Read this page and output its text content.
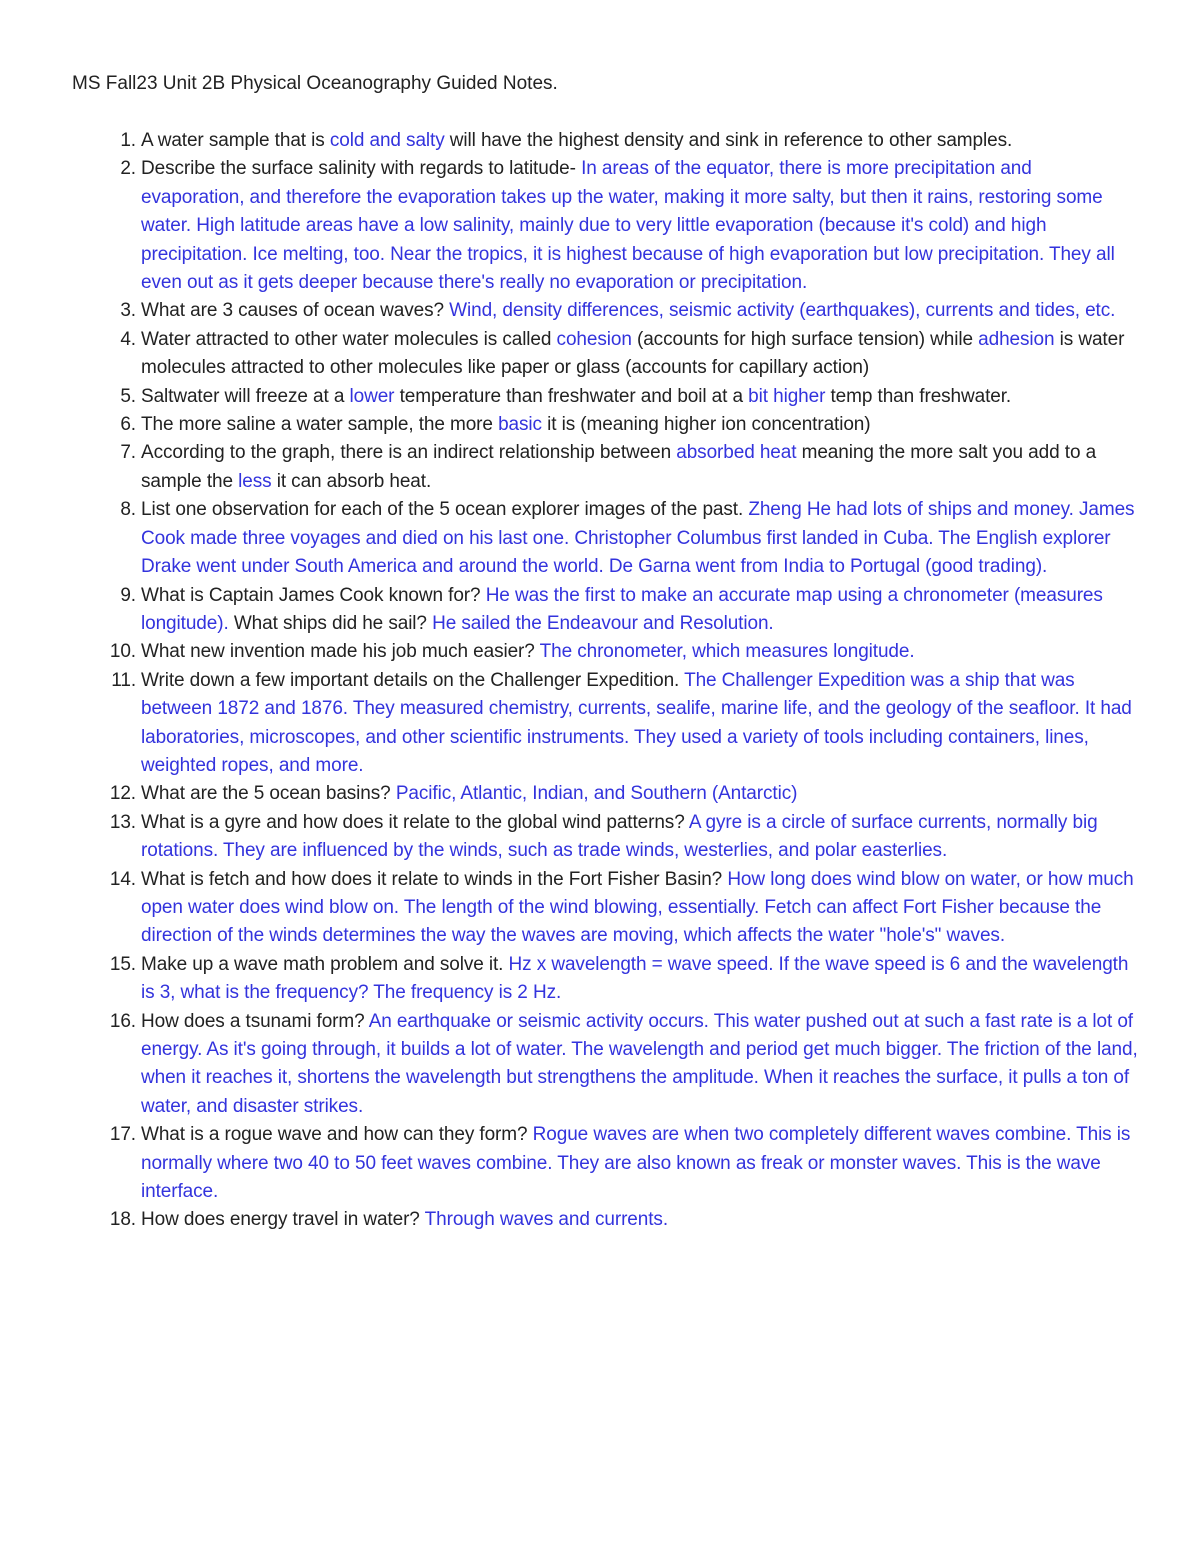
MS Fall23 Unit 2B Physical Oceanography Guided Notes.
1. A water sample that is cold and salty will have the highest density and sink in reference to other samples.
2. Describe the surface salinity with regards to latitude- In areas of the equator, there is more precipitation and evaporation, and therefore the evaporation takes up the water, making it more salty, but then it rains, restoring some water. High latitude areas have a low salinity, mainly due to very little evaporation (because it's cold) and high precipitation. Ice melting, too. Near the tropics, it is highest because of high evaporation but low precipitation. They all even out as it gets deeper because there's really no evaporation or precipitation.
3. What are 3 causes of ocean waves? Wind, density differences, seismic activity (earthquakes), currents and tides, etc.
4. Water attracted to other water molecules is called cohesion (accounts for high surface tension) while adhesion is water molecules attracted to other molecules like paper or glass (accounts for capillary action)
5. Saltwater will freeze at a lower temperature than freshwater and boil at a bit higher temp than freshwater.
6. The more saline a water sample, the more basic it is (meaning higher ion concentration)
7. According to the graph, there is an indirect relationship between absorbed heat meaning the more salt you add to a sample the less it can absorb heat.
8. List one observation for each of the 5 ocean explorer images of the past. Zheng He had lots of ships and money. James Cook made three voyages and died on his last one. Christopher Columbus first landed in Cuba. The English explorer Drake went under South America and around the world. De Garna went from India to Portugal (good trading).
9. What is Captain James Cook known for? He was the first to make an accurate map using a chronometer (measures longitude). What ships did he sail? He sailed the Endeavour and Resolution.
10. What new invention made his job much easier? The chronometer, which measures longitude.
11. Write down a few important details on the Challenger Expedition. The Challenger Expedition was a ship that was between 1872 and 1876. They measured chemistry, currents, sealife, marine life, and the geology of the seafloor. It had laboratories, microscopes, and other scientific instruments. They used a variety of tools including containers, lines, weighted ropes, and more.
12. What are the 5 ocean basins? Pacific, Atlantic, Indian, and Southern (Antarctic)
13. What is a gyre and how does it relate to the global wind patterns? A gyre is a circle of surface currents, normally big rotations. They are influenced by the winds, such as trade winds, westerlies, and polar easterlies.
14. What is fetch and how does it relate to winds in the Fort Fisher Basin? How long does wind blow on water, or how much open water does wind blow on. The length of the wind blowing, essentially. Fetch can affect Fort Fisher because the direction of the winds determines the way the waves are moving, which affects the water "hole's" waves.
15. Make up a wave math problem and solve it. Hz x wavelength = wave speed. If the wave speed is 6 and the wavelength is 3, what is the frequency? The frequency is 2 Hz.
16. How does a tsunami form? An earthquake or seismic activity occurs. This water pushed out at such a fast rate is a lot of energy. As it's going through, it builds a lot of water. The wavelength and period get much bigger. The friction of the land, when it reaches it, shortens the wavelength but strengthens the amplitude. When it reaches the surface, it pulls a ton of water, and disaster strikes.
17. What is a rogue wave and how can they form? Rogue waves are when two completely different waves combine. This is normally where two 40 to 50 feet waves combine. They are also known as freak or monster waves. This is the wave interface.
18. How does energy travel in water? Through waves and currents.
